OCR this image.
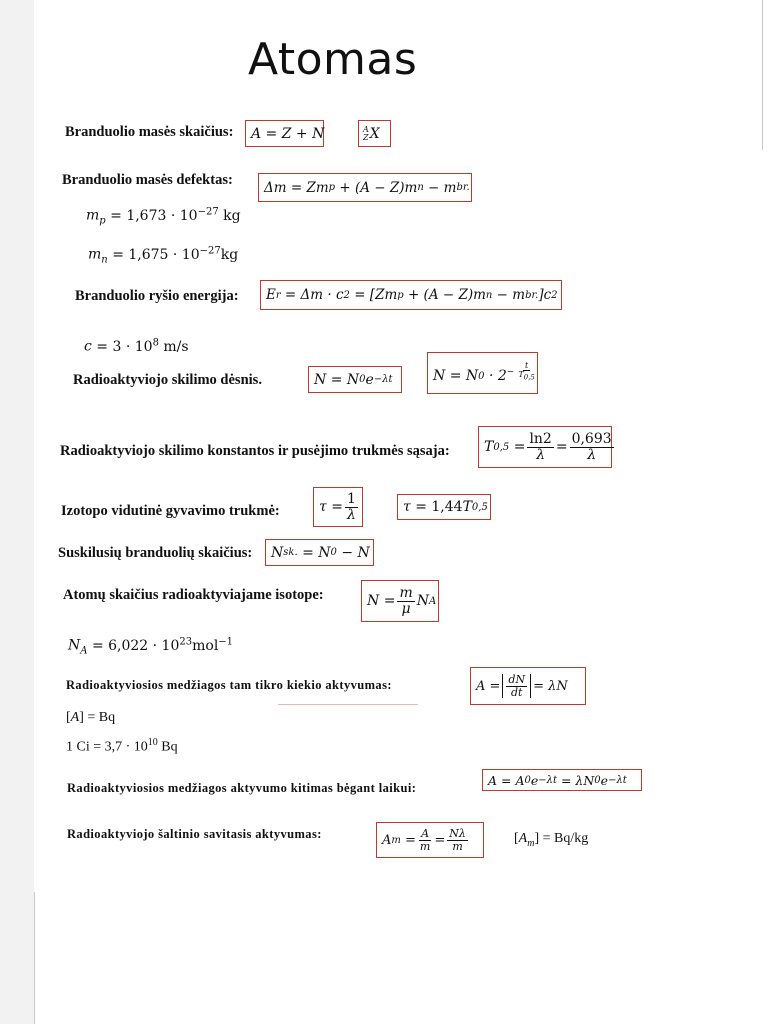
Atomas
Branduolio masės skaičius:	A = Z + N	A
Z X
Branduolio masės defektas:	Δm = Zm p + (A − Z)m n − m br.
$m_p = 1,673 \cdot 10^{-27}$ kg
$m_n = 1,675 \cdot 10^{-27}kg$
Branduolio ryšio energija:	E r = Δm · c 2 = [Zm p + (A − Z)m n − m br. ]c 2
$c = 3 \cdot 10^8$ m/s
Radioaktyviojo skilimo dėsnis.	N = N 0 e −λt	N = N $0 \cdot 2^{- \frac{t}{T_{0,5}}}$
Radioaktyviojo skilimo konstantos ir pusėjimo trukmės sąsaja:	T $0,5 = \frac{\ln 2}{\lambda} = \frac{0,693}{\lambda}$
Izotopo vidutinė gyvavimo trukmė:	$\tau = \frac{1}{\lambda}$	τ = 1,44 T 0,5
Suskilusių branduolių skaičius:	N sk. = N 0 − N
Atomų skaičius radioaktyviajame isotope:	$N = \frac{m}{\mu}$ N A
$N_A = 6,022 \cdot 10^{23}mol^{-1}$
Radioaktyviosios medžiagos tam tikro kiekio aktyvumas:	$A = \frac{dN}{dt} = \lambda N$
[A] = Bq
1 $Ci = 3,7 \cdot 10^{10}$ Bq
Radioaktyviosios medžiagos aktyvumo kitimas bėgant laikui:
A = A 0 e −λt = λN 0 e −λt
Radioaktyviojo šaltinio savitasis aktyvumas:	A $m = \frac{A}{m} = \frac{N\lambda}{m}$	$[A_m] = Bq/kg$
